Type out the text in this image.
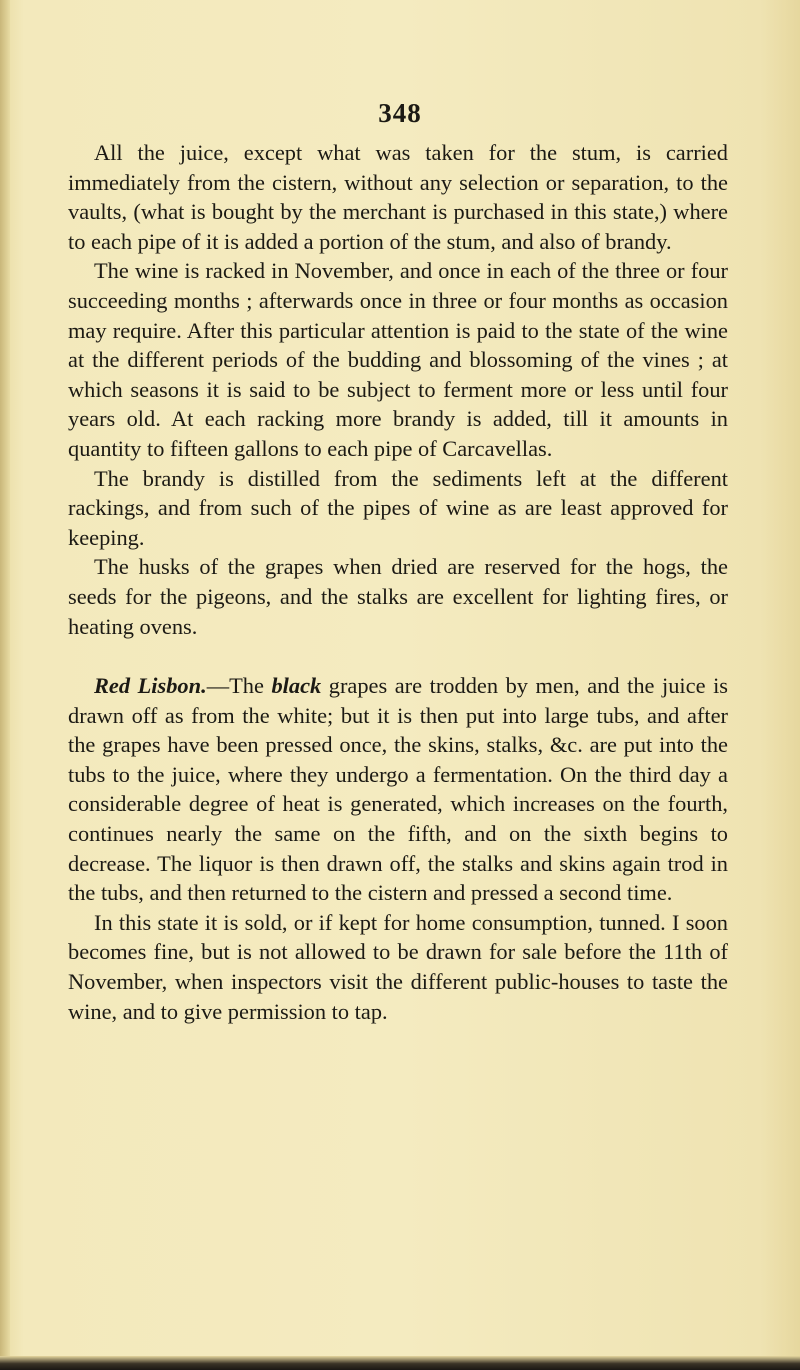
348

All the juice, except what was taken for the stum, is carried immediately from the cistern, without any selection or separation, to the vaults, (what is bought by the merchant is purchased in this state,) where to each pipe of it is added a portion of the stum, and also of brandy.

The wine is racked in November, and once in each of the three or four succeeding months ; afterwards once in three or four months as occasion may require. After this particular attention is paid to the state of the wine at the different periods of the budding and blossoming of the vines ; at which seasons it is said to be subject to ferment more or less until four years old. At each racking more brandy is added, till it amounts in quantity to fifteen gallons to each pipe of Carcavellas.

The brandy is distilled from the sediments left at the different rackings, and from such of the pipes of wine as are least approved for keeping.

The husks of the grapes when dried are reserved for the hogs, the seeds for the pigeons, and the stalks are excellent for lighting fires, or heating ovens.

Red Lisbon.—The black grapes are trodden by men, and the juice is drawn off as from the white; but it is then put into large tubs, and after the grapes have been pressed once, the skins, stalks, &c. are put into the tubs to the juice, where they undergo a fermentation. On the third day a considerable degree of heat is generated, which increases on the fourth, continues nearly the same on the fifth, and on the sixth begins to decrease. The liquor is then drawn off, the stalks and skins again trod in the tubs, and then returned to the cistern and pressed a second time.

In this state it is sold, or if kept for home consumption, tunned. I soon becomes fine, but is not allowed to be drawn for sale before the 11th of November, when inspectors visit the different public-houses to taste the wine, and to give permission to tap.
